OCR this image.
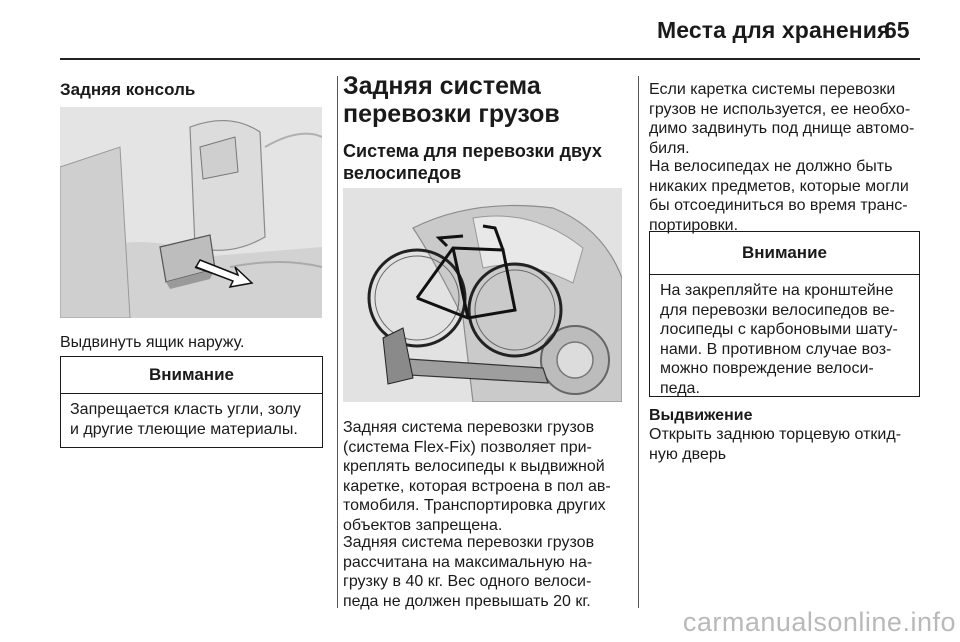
Места для хранения
65
Задняя консоль
Выдвинуть ящик наружу.
Внимание
Запрещается класть угли, золу
и другие тлеющие материалы.
Задняя система
перевозки грузов
Система для перевозки двух
велосипедов
Задняя система перевозки грузов
(система Flex-Fix) позволяет при-
креплять велосипеды к выдвижной
каретке, которая встроена в пол ав-
томобиля. Транспортировка других
объектов запрещена.
Задняя система перевозки грузов
рассчитана на максимальную на-
грузку в 40 кг. Вес одного велоси-
педа не должен превышать 20 кг.
Если каретка системы перевозки
грузов не используется, ее необхо-
димо задвинуть под днище автомо-
биля.
На велосипедах не должно быть
никаких предметов, которые могли
бы отсоединиться во время транс-
портировки.
Внимание
На закрепляйте на кронштейне
для перевозки велосипедов ве-
лосипеды с карбоновыми шату-
нами. В противном случае воз-
можно повреждение велоси-
педа.
Выдвижение
Открыть заднюю торцевую откид-
ную дверь
carmanualsonline.info
